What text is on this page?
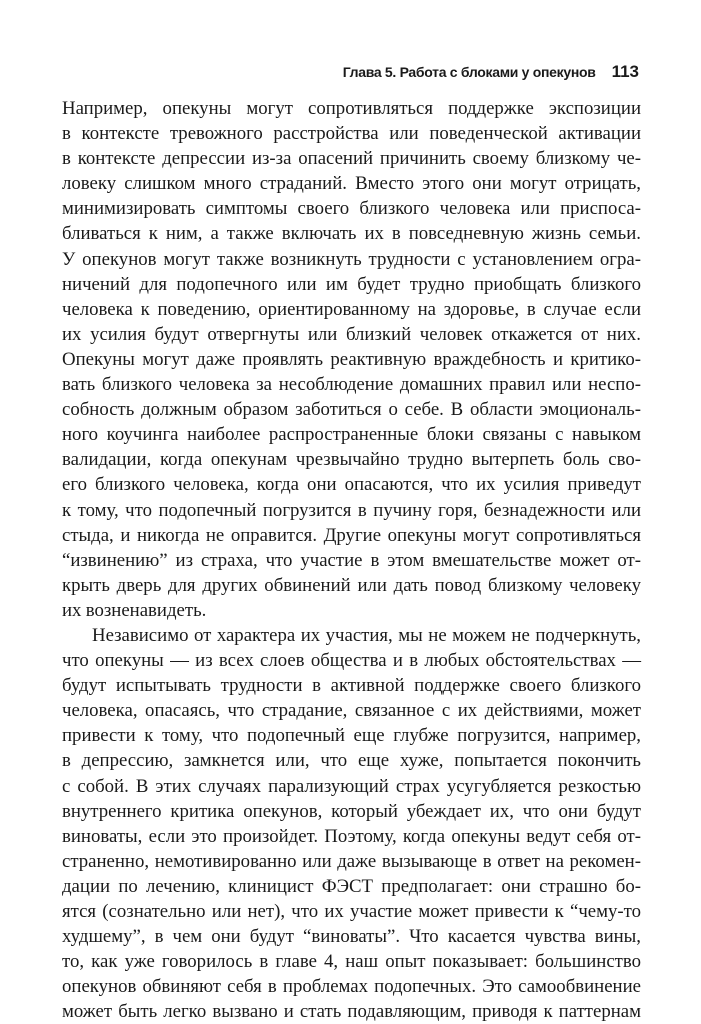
Глава 5. Работа с блоками у опекунов 113
Например, опекуны могут сопротивляться поддержке экспозиции
в контексте тревожного расстройства или поведенческой активации
в контексте депрессии из-за опасений причинить своему близкому че-
ловеку слишком много страданий. Вместо этого они могут отрицать,
минимизировать симптомы своего близкого человека или приспоса-
бливаться к ним, а также включать их в повседневную жизнь семьи.
У опекунов могут также возникнуть трудности с установлением огра-
ничений для подопечного или им будет трудно приобщать близкого
человека к поведению, ориентированному на здоровье, в случае если
их усилия будут отвергнуты или близкий человек откажется от них.
Опекуны могут даже проявлять реактивную враждебность и критико-
вать близкого человека за несоблюдение домашних правил или неспо-
собность должным образом заботиться о себе. В области эмоциональ-
ного коучинга наиболее распространенные блоки связаны с навыком
валидации, когда опекунам чрезвычайно трудно вытерпеть боль сво-
его близкого человека, когда они опасаются, что их усилия приведут
к тому, что подопечный погрузится в пучину горя, безнадежности или
стыда, и никогда не оправится. Другие опекуны могут сопротивляться
“извинению” из страха, что участие в этом вмешательстве может от-
крыть дверь для других обвинений или дать повод близкому человеку
их возненавидеть.
Независимо от характера их участия, мы не можем не подчеркнуть,
что опекуны — из всех слоев общества и в любых обстоятельствах —
будут испытывать трудности в активной поддержке своего близкого
человека, опасаясь, что страдание, связанное с их действиями, может
привести к тому, что подопечный еще глубже погрузится, например,
в депрессию, замкнется или, что еще хуже, попытается покончить
с собой. В этих случаях парализующий страх усугубляется резкостью
внутреннего критика опекунов, который убеждает их, что они будут
виноваты, если это произойдет. Поэтому, когда опекуны ведут себя от-
страненно, немотивированно или даже вызывающе в ответ на рекомен-
дации по лечению, клиницист ФЭСТ предполагает: они страшно бо-
ятся (сознательно или нет), что их участие может привести к “чему-то
худшему”, в чем они будут “виноваты”. Что касается чувства вины,
то, как уже говорилось в главе 4, наш опыт показывает: большинство
опекунов обвиняют себя в проблемах подопечных. Это самообвинение
может быть легко вызвано и стать подавляющим, приводя к паттернам
